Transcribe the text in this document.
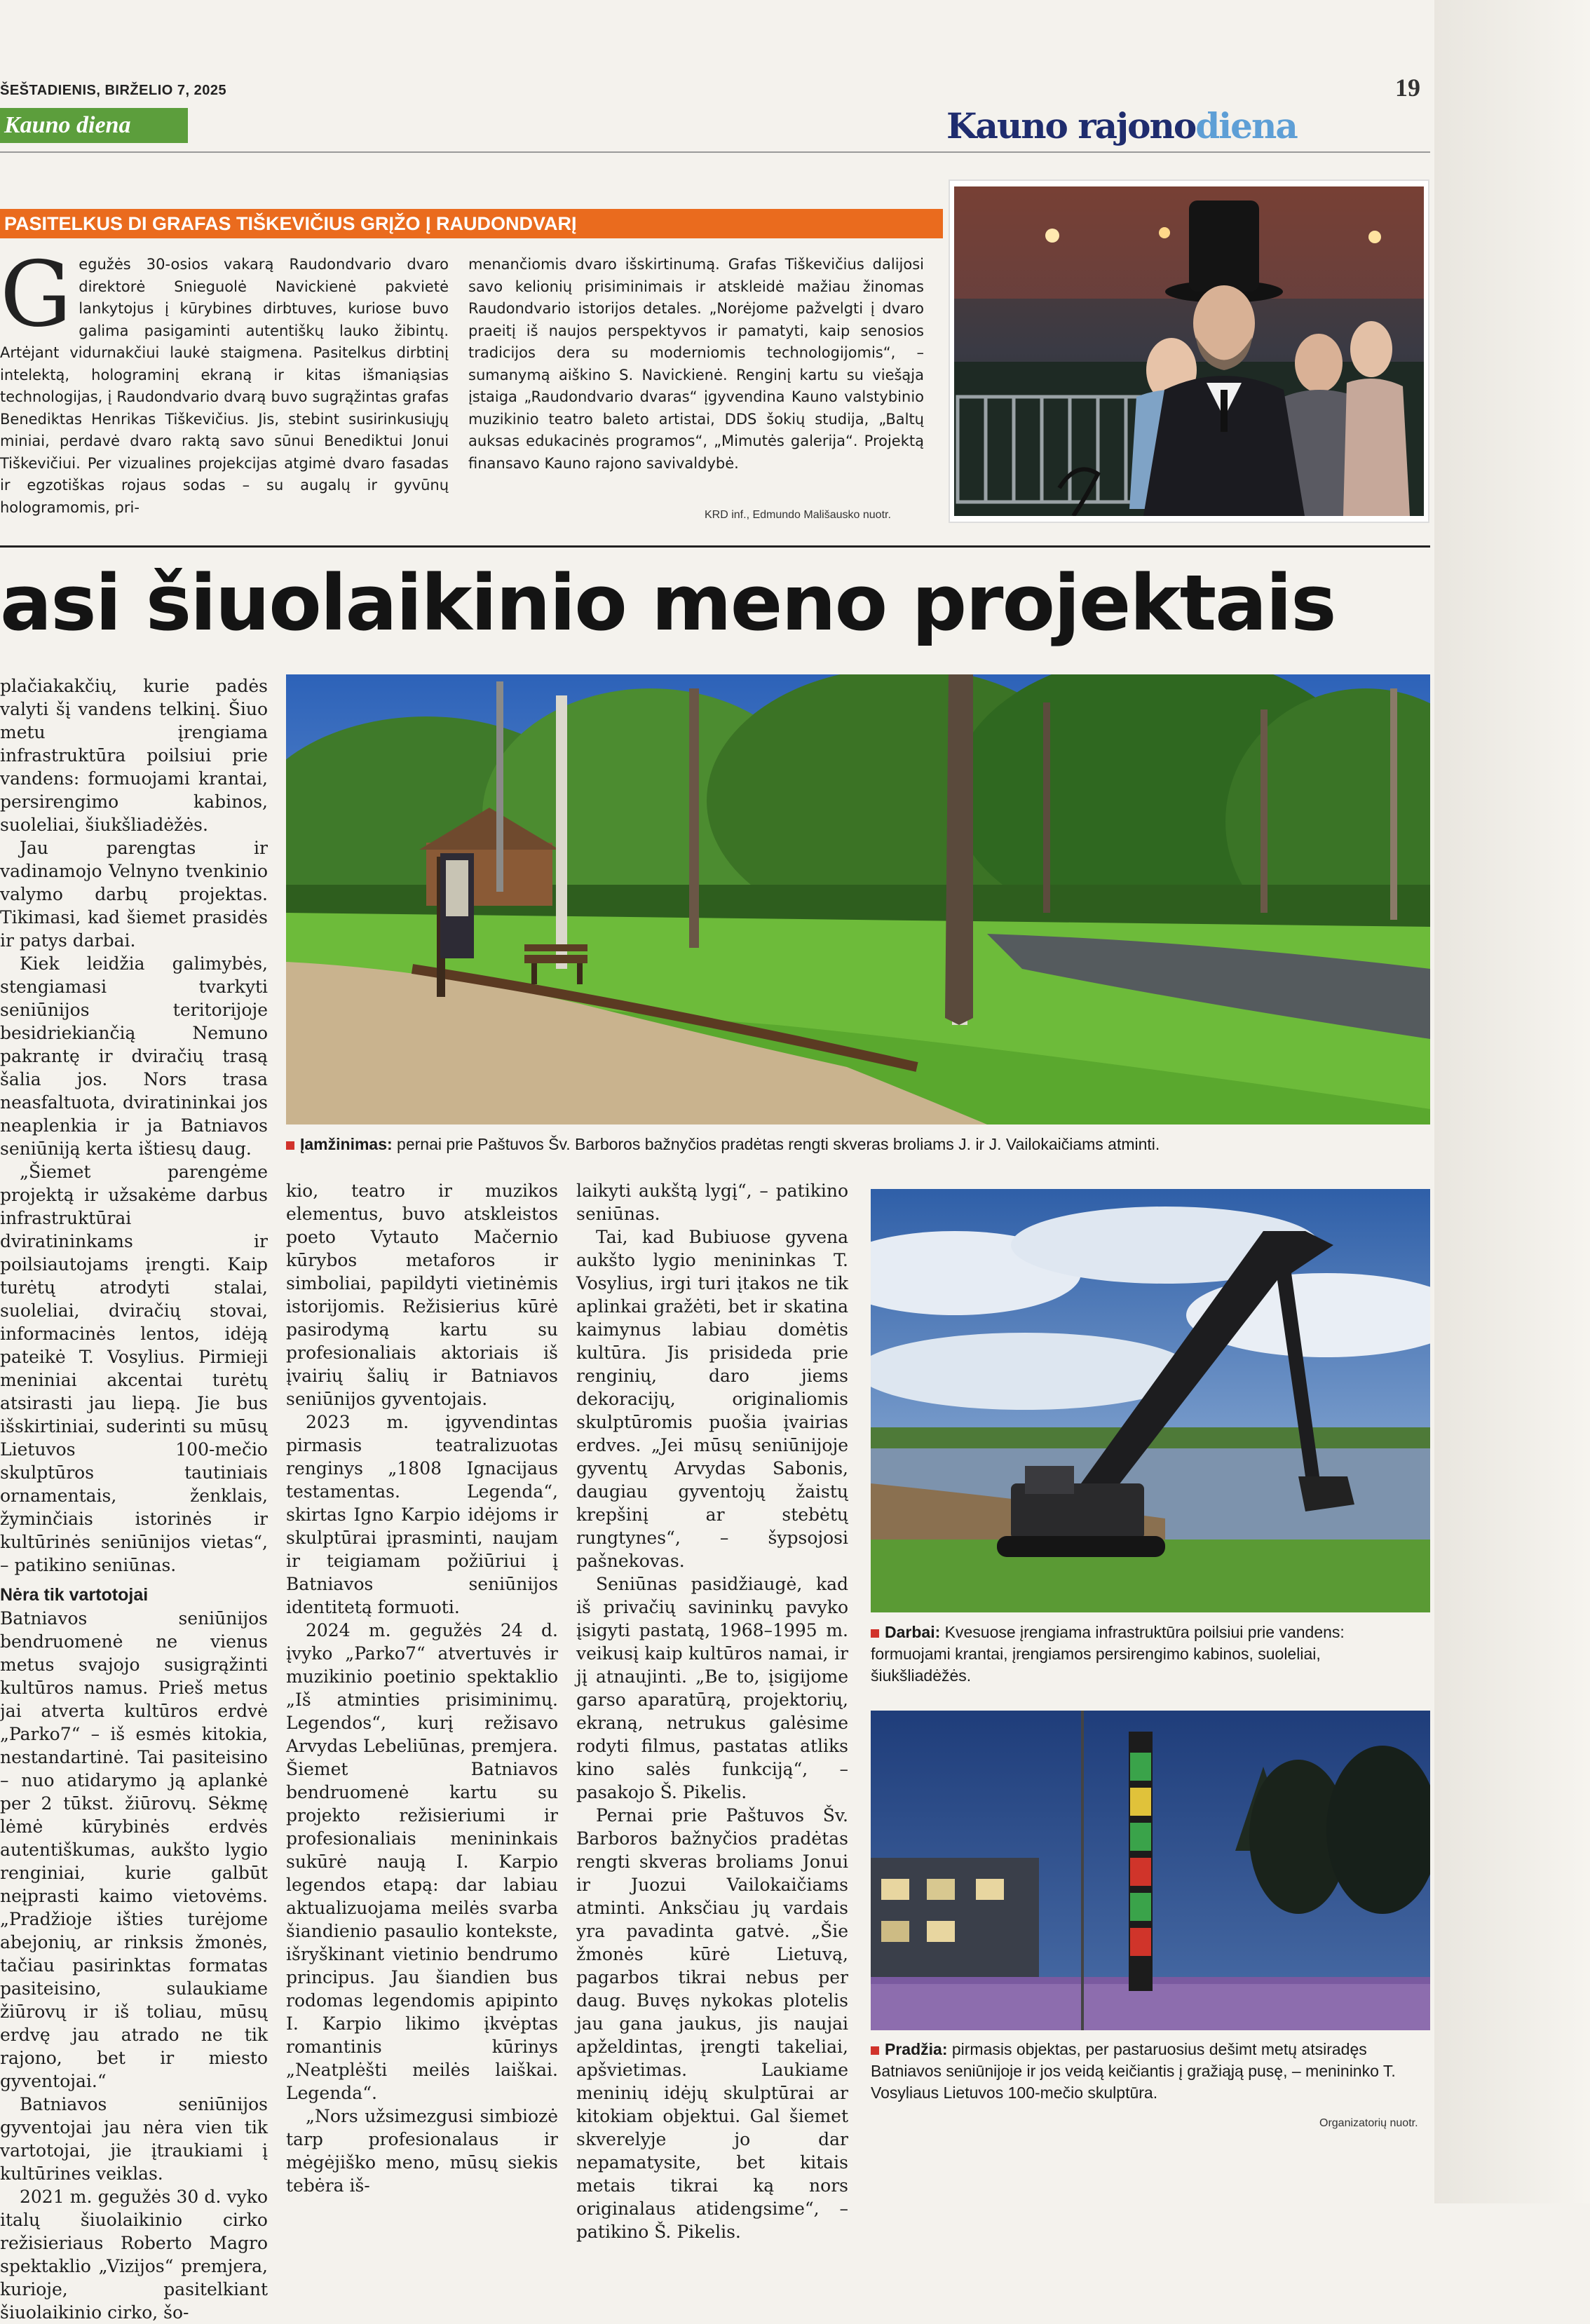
ŠEŠTADIENIS, BIRŽELIO 7, 2025	19
Kauno diena	Kauno rajonodiena
PASITELKUS DI GRAFAS TIŠKEVIČIUS GRĮŽO Į RAUDONDVARĮ

Gegužės 30-osios vakarą Raudondvario dvaro direktorė Snieguolė Navickienė pakvietė lankytojus į kūrybines dirbtuves, kuriose buvo galima pasigaminti autentiškų lauko žibintų. Artėjant vidurnakčiui laukė staigmena. Pasitelkus dirbtinį intelektą, holograminį ekraną ir kitas išmaniąsias technologijas, į Raudondvario dvarą buvo sugrąžintas grafas Benediktas Henrikas Tiškevičius. Jis, stebint susirinkusiųjų miniai, perdavė dvaro raktą savo sūnui Benediktui Jonui Tiškevičiui. Per vizualines projekcijas atgimė dvaro fasadas ir egzotiškas rojaus sodas – su augalų ir gyvūnų hologramomis, pri-

menančiomis dvaro išskirtinumą. Grafas Tiškevičius dalijosi savo kelionių prisiminimais ir atskleidė mažiau žinomas Raudondvario istorijos detales. „Norėjome pažvelgti į dvaro praeitį iš naujos perspektyvos ir pamatyti, kaip senosios tradicijos dera su moderniomis technologijomis“, – sumanymą aiškino S. Navickienė. Renginį kartu su viešąja įstaiga „Raudondvario dvaras“ įgyvendina Kauno valstybinio muzikinio teatro baleto artistai, DDS šokių studija, „Baltų auksas edukacinės programos“, „Mimutės galerija“. Projektą finansavo Kauno rajono savivaldybė.

KRD inf., Edmundo Mališausko nuotr.
asi šiuolaikinio meno projektais
Įamžinimas: pernai prie Paštuvos Šv. Barboros bažnyčios pradėtas rengti skveras broliams J. ir J. Vailokaičiams atminti.

plačiakakčių, kurie padės valyti šį vandens telkinį. Šiuo metu įrengiama infrastruktūra poilsiui prie vandens: formuojami krantai, persirengimo kabinos, suoleliai, šiukšliadėžės.

Jau parengtas ir vadinamojo Velnyno tvenkinio valymo darbų projektas. Tikimasi, kad šiemet prasidės ir patys darbai.

Kiek leidžia galimybės, stengiamasi tvarkyti seniūnijos teritorijoje besidriekiančią Nemuno pakrantę ir dviračių trasą šalia jos. Nors trasa neasfaltuota, dviratininkai jos neaplenkia ir ja Batniavos seniūniją kerta ištiesų daug.

„Šiemet parengėme projektą ir užsakėme darbus infrastruktūrai dviratininkams ir poilsiautojams įrengti. Kaip turėtų atrodyti stalai, suoleliai, dviračių stovai, informacinės lentos, idėją pateikė T. Vosylius. Pirmieji meniniai akcentai turėtų atsirasti jau liepą. Jie bus išskirtiniai, suderinti su mūsų Lietuvos 100-mečio skulptūros tautiniais ornamentais, ženklais, žyminčiais istorinės ir kultūrinės seniūnijos vietas“, – patikino seniūnas.

Nėra tik vartotojai

Batniavos seniūnijos bendruomenė ne vienus metus svajojo susigrąžinti kultūros namus. Prieš metus jai atverta kultūros erdvė „Parko7“ – iš esmės kitokia, nestandartinė. Tai pasiteisino – nuo atidarymo ją aplankė per 2 tūkst. žiūrovų. Sėkmę lėmė kūrybinės erdvės autentiškumas, aukšto lygio renginiai, kurie galbūt neįprasti kaimo vietovėms. „Pradžioje išties turėjome abejonių, ar rinksis žmonės, tačiau pasirinktas formatas pasiteisino, sulaukiame žiūrovų ir iš toliau, mūsų erdvę jau atrado ne tik rajono, bet ir miesto gyventojai.“

Batniavos seniūnijos gyventojai jau nėra vien tik vartotojai, jie įtraukiami į kultūrines veiklas.

2021 m. gegužės 30 d. vyko italų šiuolaikinio cirko režisieriaus Roberto Magro spektaklio „Vizijos“ premjera, kurioje, pasitelkiant šiuolaikinio cirko, šo-

kio, teatro ir muzikos elementus, buvo atskleistos poeto Vytauto Mačernio kūrybos metaforos ir simboliai, papildyti vietinėmis istorijomis. Režisierius kūrė pasirodymą kartu su profesionaliais aktoriais iš įvairių šalių ir Batniavos seniūnijos gyventojais.

2023 m. įgyvendintas pirmasis teatralizuotas renginys „1808 Ignacijaus testamentas. Legenda“, skirtas Igno Karpio idėjoms ir skulptūrai įprasminti, naujam ir teigiamam požiūriui į Batniavos seniūnijos identitetą formuoti.

2024 m. gegužės 24 d. įvyko „Parko7“ atvertuvės ir muzikinio poetinio spektaklio „Iš atminties prisiminimų. Legendos“, kurį režisavo Arvydas Lebeliūnas, premjera. Šiemet Batniavos bendruomenė kartu su projekto režisieriumi ir profesionaliais menininkais sukūrė naują I. Karpio legendos etapą: dar labiau aktualizuojama meilės svarba šiandienio pasaulio kontekste, išryškinant vietinio bendrumo principus. Jau šiandien bus rodomas legendomis apipinto I. Karpio likimo įkvėptas romantinis kūrinys „Neatplėšti meilės laiškai. Legenda“.

„Nors užsimezgusi simbiozė tarp profesionalaus ir mėgėjiško meno, mūsų siekis tebėra iš-

laikyti aukštą lygį“, – patikino seniūnas.

Tai, kad Bubiuose gyvena aukšto lygio menininkas T. Vosylius, irgi turi įtakos ne tik aplinkai gražėti, bet ir skatina kaimynus labiau domėtis kultūra. Jis prisideda prie renginių, daro jiems dekoracijų, originaliomis skulptūromis puošia įvairias erdves. „Jei mūsų seniūnijoje gyventų Arvydas Sabonis, daugiau gyventojų žaistų krepšinį ar stebėtų rungtynes“, – šypsojosi pašnekovas.

Seniūnas pasidžiaugė, kad iš privačių savininkų pavyko įsigyti pastatą, 1968–1995 m. veikusį kaip kultūros namai, ir jį atnaujinti. „Be to, įsigijome garso aparatūrą, projektorių, ekraną, netrukus galėsime rodyti filmus, pastatas atliks kino salės funkciją“, – pasakojo Š. Pikelis.

Pernai prie Paštuvos Šv. Barboros bažnyčios pradėtas rengti skveras broliams Jonui ir Juozui Vailokaičiams atminti. Anksčiau jų vardais yra pavadinta gatvė. „Šie žmonės kūrė Lietuvą, pagarbos tikrai nebus per daug. Buvęs nykokas plotelis jau gana jaukus, jis naujai apželdintas, įrengti takeliai, apšvietimas. Laukiame meninių idėjų skulptūrai ar kitokiam objektui. Gal šiemet skverelyje jo dar nepamatysite, bet kitais metais tikrai ką nors originalaus atidengsime“, – patikino Š. Pikelis.

Darbai: Kvesuose įrengiama infrastruktūra poilsiui prie vandens: formuojami krantai, įrengiamos persirengimo kabinos, suoleliai, šiukšliadėžės.
Pradžia: pirmasis objektas, per pastaruosius dešimt metų atsiradęs Batniavos seniūnijoje ir jos veidą keičiantis į gražiąją pusę, – menininko T. Vosyliaus Lietuvos 100-mečio skulptūra.
Organizatorių nuotr.
